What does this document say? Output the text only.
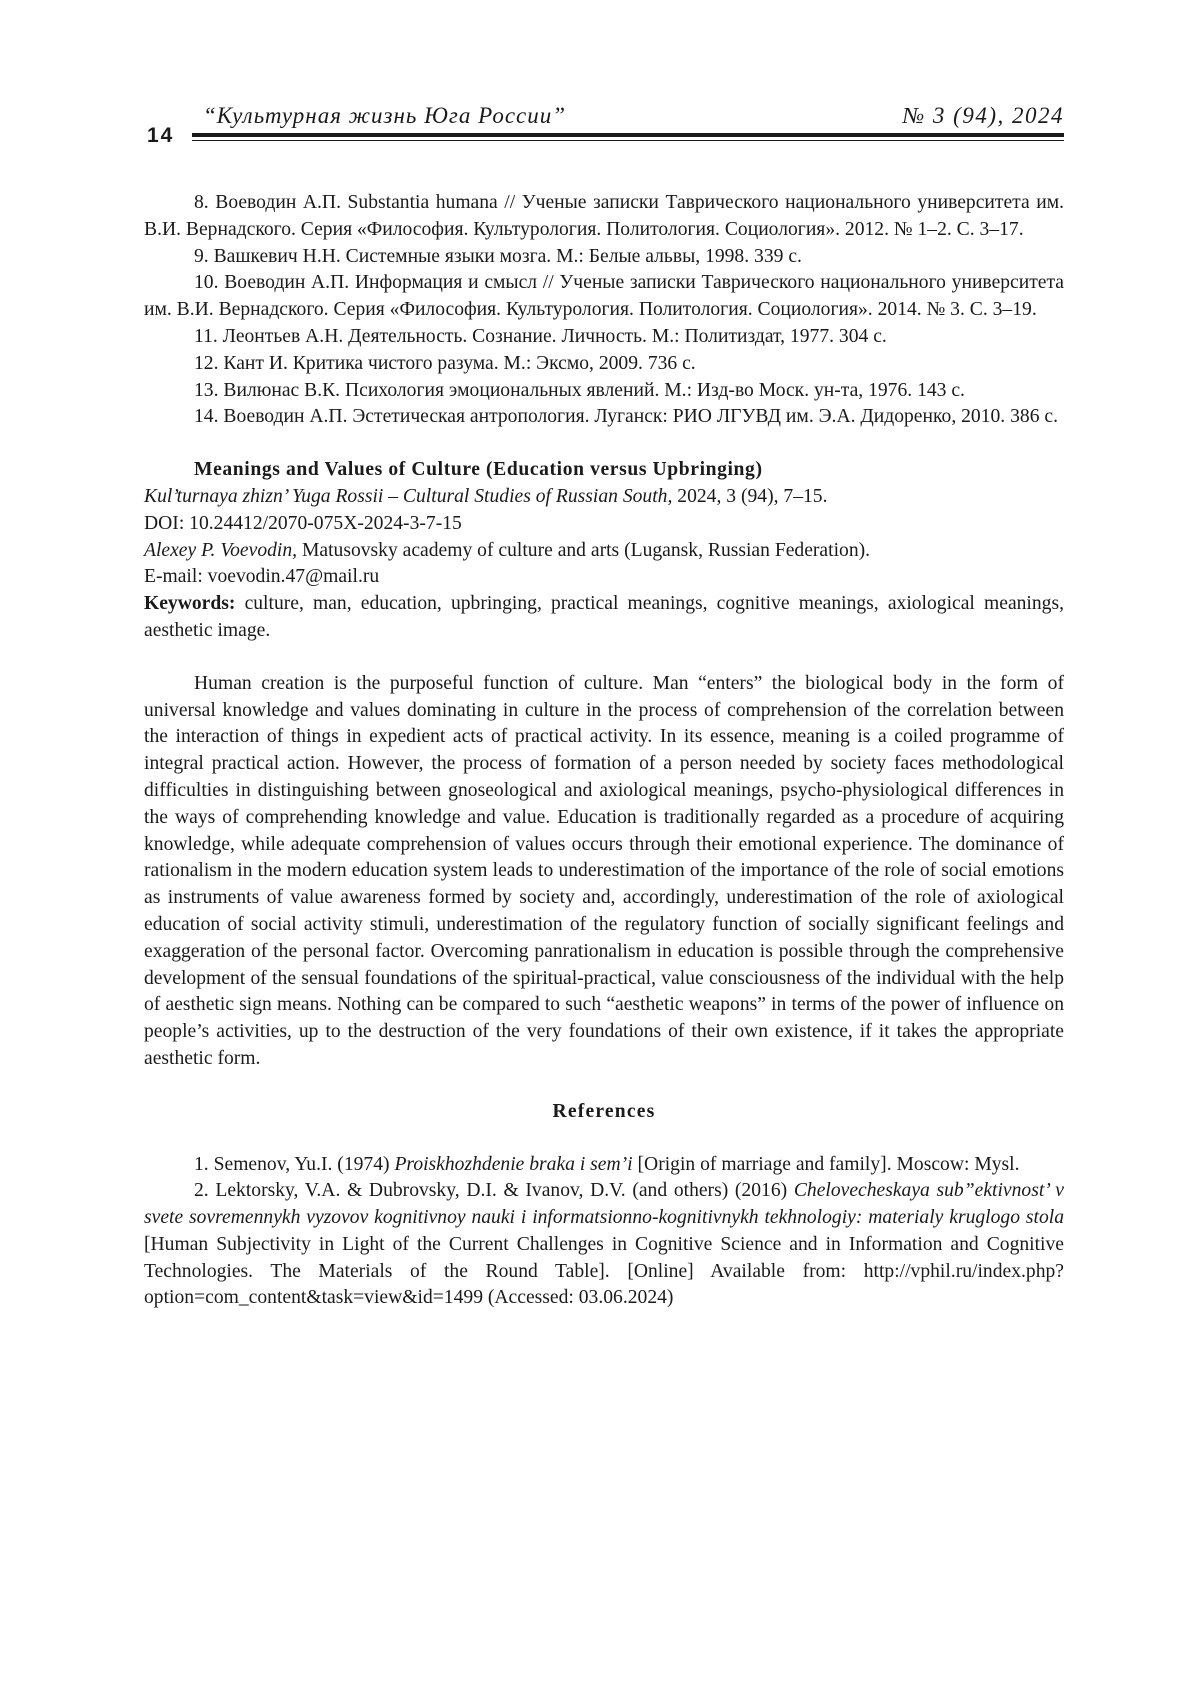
14
“Культурная жизнь Юга России”	№ 3 (94), 2024

8. Воеводин А.П. Substantia humana // Ученые записки Таврического национального университета им. В.И. Вернадского. Серия «Философия. Культурология. Политология. Социология». 2012. № 1–2. С. 3–17.

9. Вашкевич Н.Н. Системные языки мозга. М.: Белые альвы, 1998. 339 с.

10. Воеводин А.П. Информация и смысл // Ученые записки Таврического национального университета им. В.И. Вернадского. Серия «Философия. Культурология. Политология. Социология». 2014. № 3. С. 3–19.

11. Леонтьев А.Н. Деятельность. Сознание. Личность. М.: Политиздат, 1977. 304 с.

12. Кант И. Критика чистого разума. М.: Эксмо, 2009. 736 с.

13. Вилюнас В.К. Психология эмоциональных явлений. М.: Изд-во Моск. ун-та, 1976. 143 с.

14. Воеводин А.П. Эстетическая антропология. Луганск: РИО ЛГУВД им. Э.А. Дидоренко, 2010. 386 с.

Meanings and Values of Culture (Education versus Upbringing)

Kul’turnaya zhizn’ Yuga Rossii – Cultural Studies of Russian South, 2024, 3 (94), 7–15.

DOI: 10.24412/2070-075X-2024-3-7-15

Alexey P. Voevodin, Matusovsky academy of culture and arts (Lugansk, Russian Federation).

E-mail: voevodin.47@mail.ru

Keywords: culture, man, education, upbringing, practical meanings, cognitive meanings, axiological meanings, aesthetic image.

Human creation is the purposeful function of culture. Man “enters” the biological body in the form of universal knowledge and values dominating in culture in the process of comprehension of the correlation between the interaction of things in expedient acts of practical activity. In its essence, meaning is a coiled programme of integral practical action. However, the process of formation of a person needed by society faces methodological difficulties in distinguishing between gnoseological and axiological meanings, psycho-physiological differences in the ways of comprehending knowledge and value. Education is traditionally regarded as a procedure of acquiring knowledge, while adequate comprehension of values occurs through their emotional experience. The dominance of rationalism in the modern education system leads to underestimation of the importance of the role of social emotions as instruments of value awareness formed by society and, accordingly, underestimation of the role of axiological education of social activity stimuli, underestimation of the regulatory function of socially significant feelings and exaggeration of the personal factor. Overcoming panrationalism in education is possible through the comprehensive development of the sensual foundations of the spiritual-practical, value consciousness of the individual with the help of aesthetic sign means. Nothing can be compared to such “aesthetic weapons” in terms of the power of influence on people’s activities, up to the destruction of the very foundations of their own existence, if it takes the appropriate aesthetic form.

References

1. Semenov, Yu.I. (1974) Proiskhozhdenie braka i sem’i [Origin of marriage and family]. Moscow: Mysl.

2. Lektorsky, V.A. & Dubrovsky, D.I. & Ivanov, D.V. (and others) (2016) Chelovecheskaya sub”ektivnost’ v svete sovremennykh vyzovov kognitivnoy nauki i informatsionno-kognitivnykh tekhnologiy: materialy kruglogo stola [Human Subjectivity in Light of the Current Challenges in Cognitive Science and in Information and Cognitive Technologies. The Materials of the Round Table]. [Online] Available from: http://vphil.ru/index.php?option=com_content&task=view&id=1499 (Accessed: 03.06.2024)
